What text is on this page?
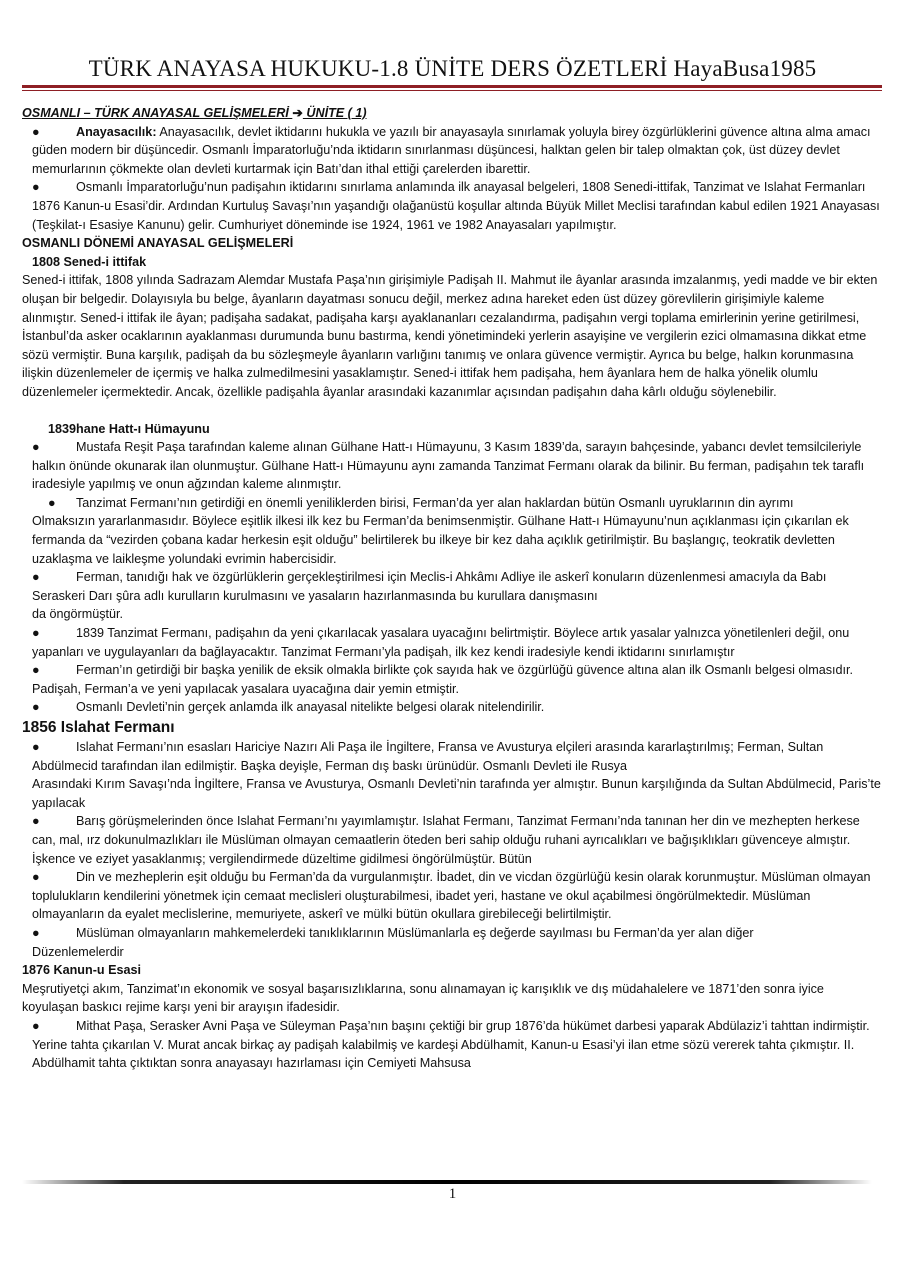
TÜRK ANAYASA HUKUKU-1.8 ÜNİTE DERS ÖZETLERİ HayaBusa1985

OSMANLI – TÜRK ANAYASAL GELİŞMELERİ ➔ ÜNİTE ( 1)

●	Anayasacılık: Anayasacılık, devlet iktidarını hukukla ve yazılı bir anayasayla sınırlamak yoluyla birey özgürlüklerini güvence altına alma amacı güden modern bir düşüncedir. Osmanlı İmparatorluğu’nda iktidarın sınırlanması düşüncesi, halktan gelen bir talep olmaktan çok, üst düzey devlet memurlarının çökmekte olan devleti kurtarmak için Batı’dan ithal ettiği çarelerden ibarettir.

●	Osmanlı İmparatorluğu’nun padişahın iktidarını sınırlama anlamında ilk anayasal belgeleri, 1808 Senedi-ittifak, Tanzimat ve Islahat Fermanları 1876 Kanun-u Esasi’dir. Ardından Kurtuluş Savaşı’nın yaşandığı olağanüstü koşullar altında Büyük Millet Meclisi tarafından kabul edilen 1921 Anayasası (Teşkilat-ı Esasiye Kanunu) gelir. Cumhuriyet döneminde ise 1924, 1961 ve 1982 Anayasaları yapılmıştır.

OSMANLI DÖNEMİ ANAYASAL GELİŞMELERİ

1808 Sened-i ittifak

Sened-i ittifak, 1808 yılında Sadrazam Alemdar Mustafa Paşa’nın girişimiyle Padişah II. Mahmut ile âyanlar arasında imzalanmış, yedi madde ve bir ekten oluşan bir belgedir. Dolayısıyla bu belge, âyanların dayatması sonucu değil, merkez adına hareket eden üst düzey görevlilerin girişimiyle kaleme alınmıştır. Sened-i ittifak ile âyan; padişaha sadakat, padişaha karşı ayaklananları cezalandırma, padişahın vergi toplama emirlerinin yerine getirilmesi, İstanbul’da asker ocaklarının ayaklanması durumunda bunu bastırma, kendi yönetimindeki yerlerin asayişine ve vergilerin ezici olmamasına dikkat etme sözü vermiştir. Buna karşılık, padişah da bu sözleşmeyle âyanların varlığını tanımış ve onlara güvence vermiştir. Ayrıca bu belge, halkın korunmasına ilişkin düzenlemeler de içermiş ve halka zulmedilmesini yasaklamıştır. Sened-i ittifak hem padişaha, hem âyanlara hem de halka yönelik olumlu düzenlemeler içermektedir. Ancak, özellikle padişahla âyanlar arasındaki kazanımlar açısından padişahın daha kârlı olduğu söylenebilir.

1839hane Hatt-ı Hümayunu

●	Mustafa Reşit Paşa tarafından kaleme alınan Gülhane Hatt-ı Hümayunu, 3 Kasım 1839’da, sarayın bahçesinde, yabancı devlet temsilcileriyle halkın önünde okunarak ilan olunmuştur. Gülhane Hatt-ı Hümayunu aynı zamanda Tanzimat Fermanı olarak da bilinir. Bu ferman, padişahın tek taraflı iradesiyle yapılmış ve onun ağzından kaleme alınmıştır.

● Tanzimat Fermanı’nın getirdiği en önemli yeniliklerden birisi, Ferman’da yer alan haklardan bütün Osmanlı uyruklarının din ayrımı

Olmaksızın yararlanmasıdır. Böylece eşitlik ilkesi ilk kez bu Ferman’da benimsenmiştir. Gülhane Hatt-ı Hümayunu’nun açıklanması için çıkarılan ek fermanda da “vezirden çobana kadar herkesin eşit olduğu” belirtilerek bu ilkeye bir kez daha açıklık getirilmiştir. Bu başlangıç, teokratik devletten uzaklaşma ve laikleşme yolundaki evrimin habercisidir.

●	Ferman, tanıdığı hak ve özgürlüklerin gerçekleştirilmesi için Meclis-i Ahkâmı Adliye ile askerî konuların düzenlenmesi amacıyla da Babı Seraskeri Darı şûra adlı kurulların kurulmasını ve yasaların hazırlanmasında bu kurullara danışmasını

da öngörmüştür.

●	1839 Tanzimat Fermanı, padişahın da yeni çıkarılacak yasalara uyacağını belirtmiştir. Böylece artık yasalar yalnızca yönetilenleri değil, onu yapanları ve uygulayanları da bağlayacaktır. Tanzimat Fermanı’yla padişah, ilk kez kendi iradesiyle kendi iktidarını sınırlamıştır

●	Ferman’ın getirdiği bir başka yenilik de eksik olmakla birlikte çok sayıda hak ve özgürlüğü güvence altına alan ilk Osmanlı belgesi olmasıdır. Padişah, Ferman’a ve yeni yapılacak yasalara uyacağına dair yemin etmiştir.

●	Osmanlı Devleti’nin gerçek anlamda ilk anayasal nitelikte belgesi olarak nitelendirilir.

1856 Islahat Fermanı

●	Islahat Fermanı’nın esasları Hariciye Nazırı Ali Paşa ile İngiltere, Fransa ve Avusturya elçileri arasında kararlaştırılmış; Ferman, Sultan Abdülmecid tarafından ilan edilmiştir. Başka deyişle, Ferman dış baskı ürünüdür. Osmanlı Devleti ile Rusya

Arasındaki Kırım Savaşı’nda İngiltere, Fransa ve Avusturya, Osmanlı Devleti’nin tarafında yer almıştır. Bunun karşılığında da Sultan Abdülmecid, Paris’te yapılacak

●	Barış görüşmelerinden önce Islahat Fermanı’nı yayımlamıştır. Islahat Fermanı, Tanzimat Fermanı’nda tanınan her din ve mezhepten herkese can, mal, ırz dokunulmazlıkları ile Müslüman olmayan cemaatlerin öteden beri sahip olduğu ruhani ayrıcalıkları ve bağışıklıkları güvenceye almıştır. İşkence ve eziyet yasaklanmış; vergilendirmede düzeltime gidilmesi öngörülmüştür. Bütün

●	Din ve mezheplerin eşit olduğu bu Ferman’da da vurgulanmıştır. İbadet, din ve vicdan özgürlüğü kesin olarak korunmuştur. Müslüman olmayan toplulukların kendilerini yönetmek için cemaat meclisleri oluşturabilmesi, ibadet yeri, hastane ve okul açabilmesi öngörülmektedir. Müslüman olmayanların da eyalet meclislerine, memuriyete, askerî ve mülki bütün okullara girebileceği belirtilmiştir.

●	Müslüman olmayanların mahkemelerdeki tanıklıklarının Müslümanlarla eş değerde sayılması bu Ferman’da yer alan diğer

Düzenlemelerdir

1876 Kanun-u Esasi

Meşrutiyetçi akım, Tanzimat’ın ekonomik ve sosyal başarısızlıklarına, sonu alınamayan iç karışıklık ve dış müdahalelere ve 1871’den sonra iyice koyulaşan baskıcı rejime karşı yeni bir arayışın ifadesidir.

●	Mithat Paşa, Serasker Avni Paşa ve Süleyman Paşa’nın başını çektiği bir grup 1876’da hükümet darbesi yaparak Abdülaziz’i tahttan indirmiştir. Yerine tahta çıkarılan V. Murat ancak birkaç ay padişah kalabilmiş ve kardeşi Abdülhamit, Kanun-u Esasi’yi ilan etme sözü vererek tahta çıkmıştır. II. Abdülhamit tahta çıktıktan sonra anayasayı hazırlaması için Cemiyeti Mahsusa

1
